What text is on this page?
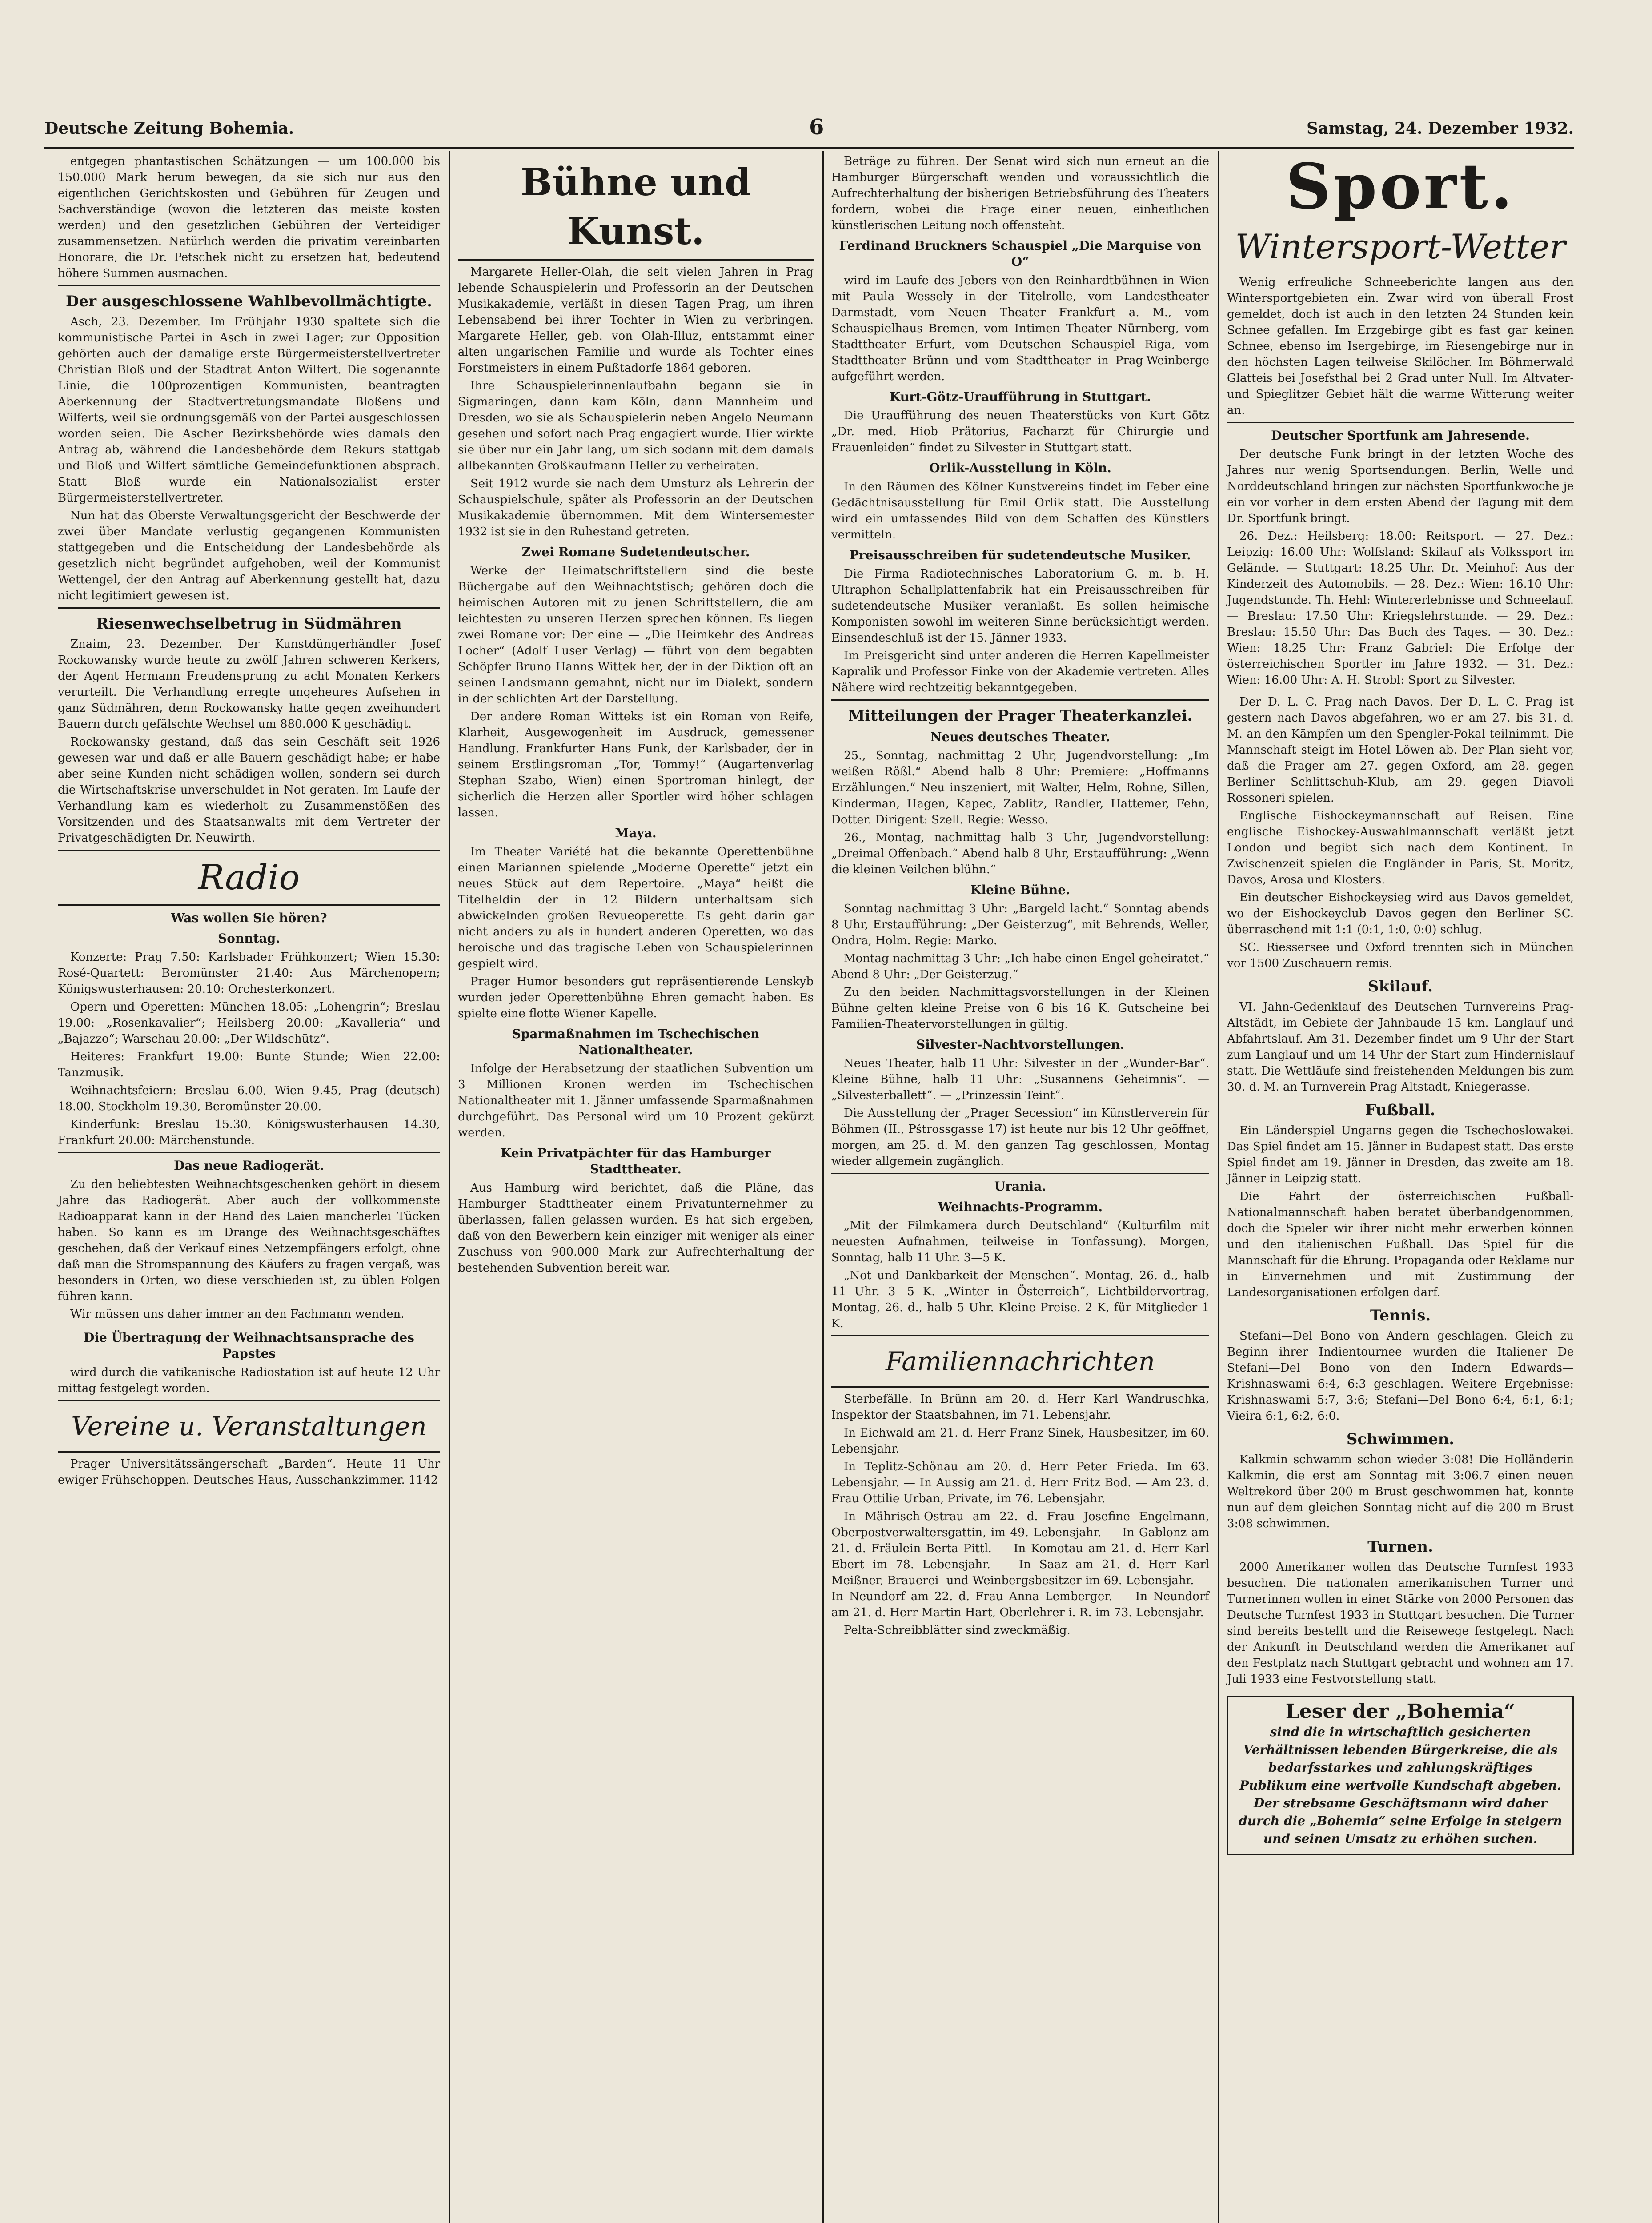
Deutsche Zeitung Bohemia.	6	Samstag, 24. Dezember 1932.

entgegen phantastischen Schätzungen — um 100.000 bis 150.000 Mark herum bewegen, da sie sich nur aus den eigentlichen Gerichtskosten und Gebühren für Zeugen und Sachverständige (wovon die letzteren das meiste kosten werden) und den gesetzlichen Gebühren der Verteidiger zusammensetzen. Natürlich werden die privatim vereinbarten Honorare, die Dr. Petschek nicht zu ersetzen hat, bedeutend höhere Summen ausmachen.

Der ausgeschlossene Wahlbevollmächtigte.

Asch, 23. Dezember. Im Frühjahr 1930 spaltete sich die kommunistische Partei in Asch in zwei Lager; zur Opposition gehörten auch der damalige erste Bürgermeisterstellvertreter Christian Bloß und der Stadtrat Anton Wilfert. Die sogenannte Linie, die 100prozentigen Kommunisten, beantragten Aberkennung der Stadtvertretungsmandate Bloßens und Wilferts, weil sie ordnungsgemäß von der Partei ausgeschlossen worden seien. Die Ascher Bezirksbehörde wies damals den Antrag ab, während die Landesbehörde dem Rekurs stattgab und Bloß und Wilfert sämtliche Gemeindefunktionen absprach. Statt Bloß wurde ein Nationalsozialist erster Bürgermeisterstellvertreter.

Nun hat das Oberste Verwaltungsgericht der Beschwerde der zwei über Mandate verlustig gegangenen Kommunisten stattgegeben und die Entscheidung der Landesbehörde als gesetzlich nicht begründet aufgehoben, weil der Kommunist Wettengel, der den Antrag auf Aberkennung gestellt hat, dazu nicht legitimiert gewesen ist.

Riesenwechselbetrug in Südmähren

Znaim, 23. Dezember. Der Kunstdüngerhändler Josef Rockowansky wurde heute zu zwölf Jahren schweren Kerkers, der Agent Hermann Freudensprung zu acht Monaten Kerkers verurteilt. Die Verhandlung erregte ungeheures Aufsehen in ganz Südmähren, denn Rockowansky hatte gegen zweihundert Bauern durch gefälschte Wechsel um 880.000 K geschädigt.

Rockowansky gestand, daß das sein Geschäft seit 1926 gewesen war und daß er alle Bauern geschädigt habe; er habe aber seine Kunden nicht schädigen wollen, sondern sei durch die Wirtschaftskrise unverschuldet in Not geraten. Im Laufe der Verhandlung kam es wiederholt zu Zusammenstößen des Vorsitzenden und des Staatsanwalts mit dem Vertreter der Privatgeschädigten Dr. Neuwirth.

Radio
Was wollen Sie hören?
Sonntag.

Konzerte: Prag 7.50: Karlsbader Frühkonzert; Wien 15.30: Rosé-Quartett: Beromünster 21.40: Aus Märchenopern; Königswusterhausen: 20.10: Orchesterkonzert.

Opern und Operetten: München 18.05: „Lohengrin“; Breslau 19.00: „Rosenkavalier“; Heilsberg 20.00: „Kavalleria“ und „Bajazzo“; Warschau 20.00: „Der Wildschütz“.

Heiteres: Frankfurt 19.00: Bunte Stunde; Wien 22.00: Tanzmusik.

Weihnachtsfeiern: Breslau 6.00, Wien 9.45, Prag (deutsch) 18.00, Stockholm 19.30, Beromünster 20.00.

Kinderfunk: Breslau 15.30, Königswusterhausen 14.30, Frankfurt 20.00: Märchenstunde.

Das neue Radiogerät.

Zu den beliebtesten Weihnachtsgeschenken gehört in diesem Jahre das Radiogerät. Aber auch der vollkommenste Radioapparat kann in der Hand des Laien mancherlei Tücken haben. So kann es im Drange des Weihnachtsgeschäftes geschehen, daß der Verkauf eines Netzempfängers erfolgt, ohne daß man die Stromspannung des Käufers zu fragen vergaß, was besonders in Orten, wo diese verschieden ist, zu üblen Folgen führen kann.

Wir müssen uns daher immer an den Fachmann wenden.

Die Übertragung der Weihnachtsansprache des Papstes

wird durch die vatikanische Radiostation ist auf heute 12 Uhr mittag festgelegt worden.

Vereine u. Veranstaltungen

Prager Universitätssängerschaft „Barden“. Heute 11 Uhr ewiger Frühschoppen. Deutsches Haus, Ausschankzimmer. 1142

Bühne und Kunst.

Margarete Heller-Olah, die seit vielen Jahren in Prag lebende Schauspielerin und Professorin an der Deutschen Musikakademie, verläßt in diesen Tagen Prag, um ihren Lebensabend bei ihrer Tochter in Wien zu verbringen. Margarete Heller, geb. von Olah-Illuz, entstammt einer alten ungarischen Familie und wurde als Tochter eines Forstmeisters in einem Pußtadorfe 1864 geboren.

Ihre Schauspielerinnenlaufbahn begann sie in Sigmaringen, dann kam Köln, dann Mannheim und Dresden, wo sie als Schauspielerin neben Angelo Neumann gesehen und sofort nach Prag engagiert wurde. Hier wirkte sie über nur ein Jahr lang, um sich sodann mit dem damals allbekannten Großkaufmann Heller zu verheiraten.

Seit 1912 wurde sie nach dem Umsturz als Lehrerin der Schauspielschule, später als Professorin an der Deutschen Musikakademie übernommen. Mit dem Wintersemester 1932 ist sie in den Ruhestand getreten.

Zwei Romane Sudetendeutscher.

Werke der Heimatschriftstellern sind die beste Büchergabe auf den Weihnachtstisch; gehören doch die heimischen Autoren mit zu jenen Schriftstellern, die am leichtesten zu unseren Herzen sprechen können. Es liegen zwei Romane vor: Der eine — „Die Heimkehr des Andreas Locher“ (Adolf Luser Verlag) — führt von dem begabten Schöpfer Bruno Hanns Wittek her, der in der Diktion oft an seinen Landsmann gemahnt, nicht nur im Dialekt, sondern in der schlichten Art der Darstellung.

Der andere Roman Witteks ist ein Roman von Reife, Klarheit, Ausgewogenheit im Ausdruck, gemessener Handlung. Frankfurter Hans Funk, der Karlsbader, der in seinem Erstlingsroman „Tor, Tommy!“ (Augartenverlag Stephan Szabo, Wien) einen Sportroman hinlegt, der sicherlich die Herzen aller Sportler wird höher schlagen lassen.

Maya.

Im Theater Variété hat die bekannte Operettenbühne einen Mariannen spielende „Moderne Operette“ jetzt ein neues Stück auf dem Repertoire. „Maya“ heißt die Titelheldin der in 12 Bildern unterhaltsam sich abwickelnden großen Revueoperette. Es geht darin gar nicht anders zu als in hundert anderen Operetten, wo das heroische und das tragische Leben von Schauspielerinnen gespielt wird.

Prager Humor besonders gut repräsentierende Lenskyb wurden jeder Operettenbühne Ehren gemacht haben. Es spielte eine flotte Wiener Kapelle.

Sparmaßnahmen im Tschechischen Nationaltheater.

Infolge der Herabsetzung der staatlichen Subvention um 3 Millionen Kronen werden im Tschechischen Nationaltheater mit 1. Jänner umfassende Sparmaßnahmen durchgeführt. Das Personal wird um 10 Prozent gekürzt werden.

Kein Privatpächter für das Hamburger Stadttheater.

Aus Hamburg wird berichtet, daß die Pläne, das Hamburger Stadttheater einem Privatunternehmer zu überlassen, fallen gelassen wurden. Es hat sich ergeben, daß von den Bewerbern kein einziger mit weniger als einer Zuschuss von 900.000 Mark zur Aufrechterhaltung der bestehenden Subvention bereit war.

Beträge zu führen. Der Senat wird sich nun erneut an die Hamburger Bürgerschaft wenden und voraussichtlich die Aufrechterhaltung der bisherigen Betriebsführung des Theaters fordern, wobei die Frage einer neuen, einheitlichen künstlerischen Leitung noch offensteht.

Ferdinand Bruckners Schauspiel „Die Marquise von O“

wird im Laufe des Jebers von den Reinhardtbühnen in Wien mit Paula Wessely in der Titelrolle, vom Landestheater Darmstadt, vom Neuen Theater Frankfurt a. M., vom Schauspielhaus Bremen, vom Intimen Theater Nürnberg, vom Stadttheater Erfurt, vom Deutschen Schauspiel Riga, vom Stadttheater Brünn und vom Stadttheater in Prag-Weinberge aufgeführt werden.

Kurt-Götz-Uraufführung in Stuttgart.

Die Uraufführung des neuen Theaterstücks von Kurt Götz „Dr. med. Hiob Prätorius, Facharzt für Chirurgie und Frauenleiden“ findet zu Silvester in Stuttgart statt.

Orlik-Ausstellung in Köln.

In den Räumen des Kölner Kunstvereins findet im Feber eine Gedächtnisausstellung für Emil Orlik statt. Die Ausstellung wird ein umfassendes Bild von dem Schaffen des Künstlers vermitteln.

Preisausschreiben für sudetendeutsche Musiker.

Die Firma Radiotechnisches Laboratorium G. m. b. H. Ultraphon Schallplattenfabrik hat ein Preisausschreiben für sudetendeutsche Musiker veranlaßt. Es sollen heimische Komponisten sowohl im weiteren Sinne berücksichtigt werden. Einsendeschluß ist der 15. Jänner 1933.

Im Preisgericht sind unter anderen die Herren Kapellmeister Kapralik und Professor Finke von der Akademie vertreten. Alles Nähere wird rechtzeitig bekanntgegeben.

Mitteilungen der Prager Theaterkanzlei.
Neues deutsches Theater.

25., Sonntag, nachmittag 2 Uhr, Jugendvorstellung: „Im weißen Rößl.“ Abend halb 8 Uhr: Premiere: „Hoffmanns Erzählungen.“ Neu inszeniert, mit Walter, Helm, Rohne, Sillen, Kinderman, Hagen, Kapec, Zablitz, Randler, Hattemer, Fehn, Dotter. Dirigent: Szell. Regie: Wesso.

26., Montag, nachmittag halb 3 Uhr, Jugendvorstellung: „Dreimal Offenbach.“ Abend halb 8 Uhr, Erstaufführung: „Wenn die kleinen Veilchen blühn.“

Kleine Bühne.

Sonntag nachmittag 3 Uhr: „Bargeld lacht.“ Sonntag abends 8 Uhr, Erstaufführung: „Der Geisterzug“, mit Behrends, Weller, Ondra, Holm. Regie: Marko.

Montag nachmittag 3 Uhr: „Ich habe einen Engel geheiratet.“ Abend 8 Uhr: „Der Geisterzug.“

Zu den beiden Nachmittagsvorstellungen in der Kleinen Bühne gelten kleine Preise von 6 bis 16 K. Gutscheine bei Familien-Theatervorstellungen in gültig.

Silvester-Nachtvorstellungen.

Neues Theater, halb 11 Uhr: Silvester in der „Wunder-Bar“. Kleine Bühne, halb 11 Uhr: „Susannens Geheimnis“. — „Silvesterballett“. — „Prinzessin Teint“.

Die Ausstellung der „Prager Secession“ im Künstlerverein für Böhmen (II., Pštrossgasse 17) ist heute nur bis 12 Uhr geöffnet, morgen, am 25. d. M. den ganzen Tag geschlossen, Montag wieder allgemein zugänglich.

Urania.
Weihnachts-Programm.

„Mit der Filmkamera durch Deutschland“ (Kulturfilm mit neuesten Aufnahmen, teilweise in Tonfassung). Morgen, Sonntag, halb 11 Uhr. 3—5 K.

„Not und Dankbarkeit der Menschen“. Montag, 26. d., halb 11 Uhr. 3—5 K. „Winter in Österreich“, Lichtbildervortrag, Montag, 26. d., halb 5 Uhr. Kleine Preise. 2 K, für Mitglieder 1 K.

Familiennachrichten

Sterbefälle. In Brünn am 20. d. Herr Karl Wandruschka, Inspektor der Staatsbahnen, im 71. Lebensjahr.

In Eichwald am 21. d. Herr Franz Sinek, Hausbesitzer, im 60. Lebensjahr.

In Teplitz-Schönau am 20. d. Herr Peter Frieda. Im 63. Lebensjahr. — In Aussig am 21. d. Herr Fritz Bod. — Am 23. d. Frau Ottilie Urban, Private, im 76. Lebensjahr.

In Mährisch-Ostrau am 22. d. Frau Josefine Engelmann, Oberpostverwaltersgattin, im 49. Lebensjahr. — In Gablonz am 21. d. Fräulein Berta Pittl. — In Komotau am 21. d. Herr Karl Ebert im 78. Lebensjahr. — In Saaz am 21. d. Herr Karl Meißner, Brauerei- und Weinbergsbesitzer im 69. Lebensjahr. — In Neundorf am 22. d. Frau Anna Lemberger. — In Neundorf am 21. d. Herr Martin Hart, Oberlehrer i. R. im 73. Lebensjahr.

Pelta-Schreibblätter sind zweckmäßig.

Sport.
Wintersport-Wetter

Wenig erfreuliche Schneeberichte langen aus den Wintersportgebieten ein. Zwar wird von überall Frost gemeldet, doch ist auch in den letzten 24 Stunden kein Schnee gefallen. Im Erzgebirge gibt es fast gar keinen Schnee, ebenso im Isergebirge, im Riesengebirge nur in den höchsten Lagen teilweise Skilöcher. Im Böhmerwald Glatteis bei Josefsthal bei 2 Grad unter Null. Im Altvater- und Spieglitzer Gebiet hält die warme Witterung weiter an.

Deutscher Sportfunk am Jahresende.

Der deutsche Funk bringt in der letzten Woche des Jahres nur wenig Sportsendungen. Berlin, Welle und Norddeutschland bringen zur nächsten Sportfunkwoche je ein vor vorher in dem ersten Abend der Tagung mit dem Dr. Sportfunk bringt.

26. Dez.: Heilsberg: 18.00: Reitsport. — 27. Dez.: Leipzig: 16.00 Uhr: Wolfsland: Skilauf als Volkssport im Gelände. — Stuttgart: 18.25 Uhr. Dr. Meinhof: Aus der Kinderzeit des Automobils. — 28. Dez.: Wien: 16.10 Uhr: Jugendstunde. Th. Hehl: Wintererlebnisse und Schneelauf. — Breslau: 17.50 Uhr: Kriegslehrstunde. — 29. Dez.: Breslau: 15.50 Uhr: Das Buch des Tages. — 30. Dez.: Wien: 18.25 Uhr: Franz Gabriel: Die Erfolge der österreichischen Sportler im Jahre 1932. — 31. Dez.: Wien: 16.00 Uhr: A. H. Strobl: Sport zu Silvester.

Der D. L. C. Prag nach Davos. Der D. L. C. Prag ist gestern nach Davos abgefahren, wo er am 27. bis 31. d. M. an den Kämpfen um den Spengler-Pokal teilnimmt. Die Mannschaft steigt im Hotel Löwen ab. Der Plan sieht vor, daß die Prager am 27. gegen Oxford, am 28. gegen Berliner Schlittschuh-Klub, am 29. gegen Diavoli Rossoneri spielen.

Englische Eishockeymannschaft auf Reisen. Eine englische Eishockey-Auswahlmannschaft verläßt jetzt London und begibt sich nach dem Kontinent. In Zwischenzeit spielen die Engländer in Paris, St. Moritz, Davos, Arosa und Klosters.

Ein deutscher Eishockeysieg wird aus Davos gemeldet, wo der Eishockeyclub Davos gegen den Berliner SC. überraschend mit 1:1 (0:1, 1:0, 0:0) schlug.

SC. Riessersee und Oxford trennten sich in München vor 1500 Zuschauern remis.

Skilauf.

VI. Jahn-Gedenklauf des Deutschen Turnvereins Prag-Altstädt, im Gebiete der Jahnbaude 15 km. Langlauf und Abfahrtslauf. Am 31. Dezember findet um 9 Uhr der Start zum Langlauf und um 14 Uhr der Start zum Hindernislauf statt. Die Wettläufe sind freistehenden Meldungen bis zum 30. d. M. an Turnverein Prag Altstadt, Kniegerasse.

Fußball.

Ein Länderspiel Ungarns gegen die Tschechoslowakei. Das Spiel findet am 15. Jänner in Budapest statt. Das erste Spiel findet am 19. Jänner in Dresden, das zweite am 18. Jänner in Leipzig statt.

Die Fahrt der österreichischen Fußball-Nationalmannschaft haben beratet überbandgenommen, doch die Spieler wir ihrer nicht mehr erwerben können und den italienischen Fußball. Das Spiel für die Mannschaft für die Ehrung. Propaganda oder Reklame nur in Einvernehmen und mit Zustimmung der Landesorganisationen erfolgen darf.

Tennis.

Stefani—Del Bono von Andern geschlagen. Gleich zu Beginn ihrer Indientournee wurden die Italiener De Stefani—Del Bono von den Indern Edwards—Krishnaswami 6:4, 6:3 geschlagen. Weitere Ergebnisse: Krishnaswami 5:7, 3:6; Stefani—Del Bono 6:4, 6:1, 6:1; Vieira 6:1, 6:2, 6:0.

Schwimmen.

Kalkmin schwamm schon wieder 3:08! Die Holländerin Kalkmin, die erst am Sonntag mit 3:06.7 einen neuen Weltrekord über 200 m Brust geschwommen hat, konnte nun auf dem gleichen Sonntag nicht auf die 200 m Brust 3:08 schwimmen.

Turnen.

2000 Amerikaner wollen das Deutsche Turnfest 1933 besuchen. Die nationalen amerikanischen Turner und Turnerinnen wollen in einer Stärke von 2000 Personen das Deutsche Turnfest 1933 in Stuttgart besuchen. Die Turner sind bereits bestellt und die Reisewege festgelegt. Nach der Ankunft in Deutschland werden die Amerikaner auf den Festplatz nach Stuttgart gebracht und wohnen am 17. Juli 1933 eine Festvorstellung statt.

Leser der „Bohemia“
sind die in wirtschaftlich gesicherten Verhältnissen lebenden Bürgerkreise, die als bedarfsstarkes und zahlungskräftiges Publikum eine wertvolle Kundschaft abgeben. Der strebsame Geschäftsmann wird daher durch die „Bohemia“ seine Erfolge in steigern und seinen Umsatz zu erhöhen suchen.
